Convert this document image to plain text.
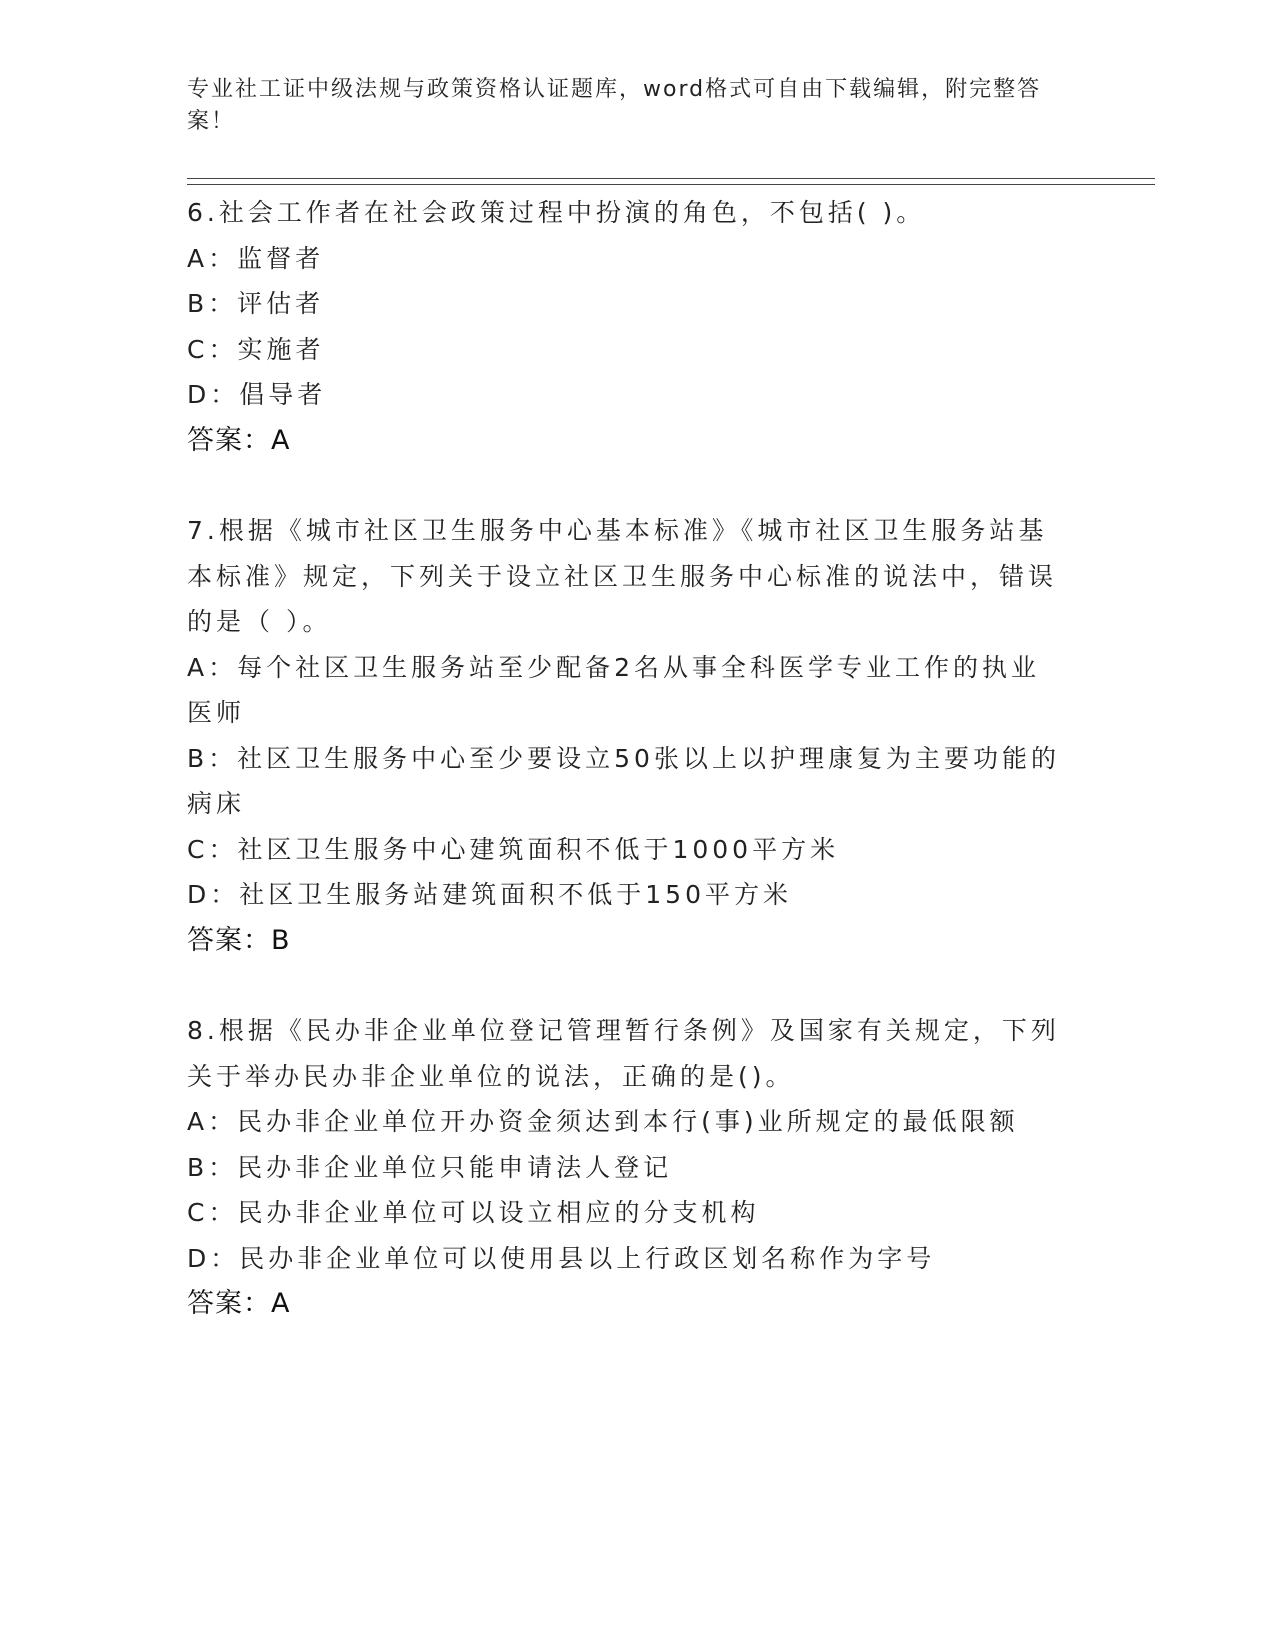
专业社工证中级法规与政策资格认证题库，word格式可自由下载编辑，附完整答案！
6.社会工作者在社会政策过程中扮演的角色，不包括( )。
A：监督者
B：评估者
C：实施者
D：倡导者
答案：A
7.根据《城市社区卫生服务中心基本标准》《城市社区卫生服务站基本标准》规定，下列关于设立社区卫生服务中心标准的说法中，错误的是（ ）。
A：每个社区卫生服务站至少配备2名从事全科医学专业工作的执业医师
B：社区卫生服务中心至少要设立50张以上以护理康复为主要功能的病床
C：社区卫生服务中心建筑面积不低于1000平方米
D：社区卫生服务站建筑面积不低于150平方米
答案：B
8.根据《民办非企业单位登记管理暂行条例》及国家有关规定，下列关于举办民办非企业单位的说法，正确的是()。
A：民办非企业单位开办资金须达到本行(事)业所规定的最低限额
B：民办非企业单位只能申请法人登记
C：民办非企业单位可以设立相应的分支机构
D：民办非企业单位可以使用县以上行政区划名称作为字号
答案：A
